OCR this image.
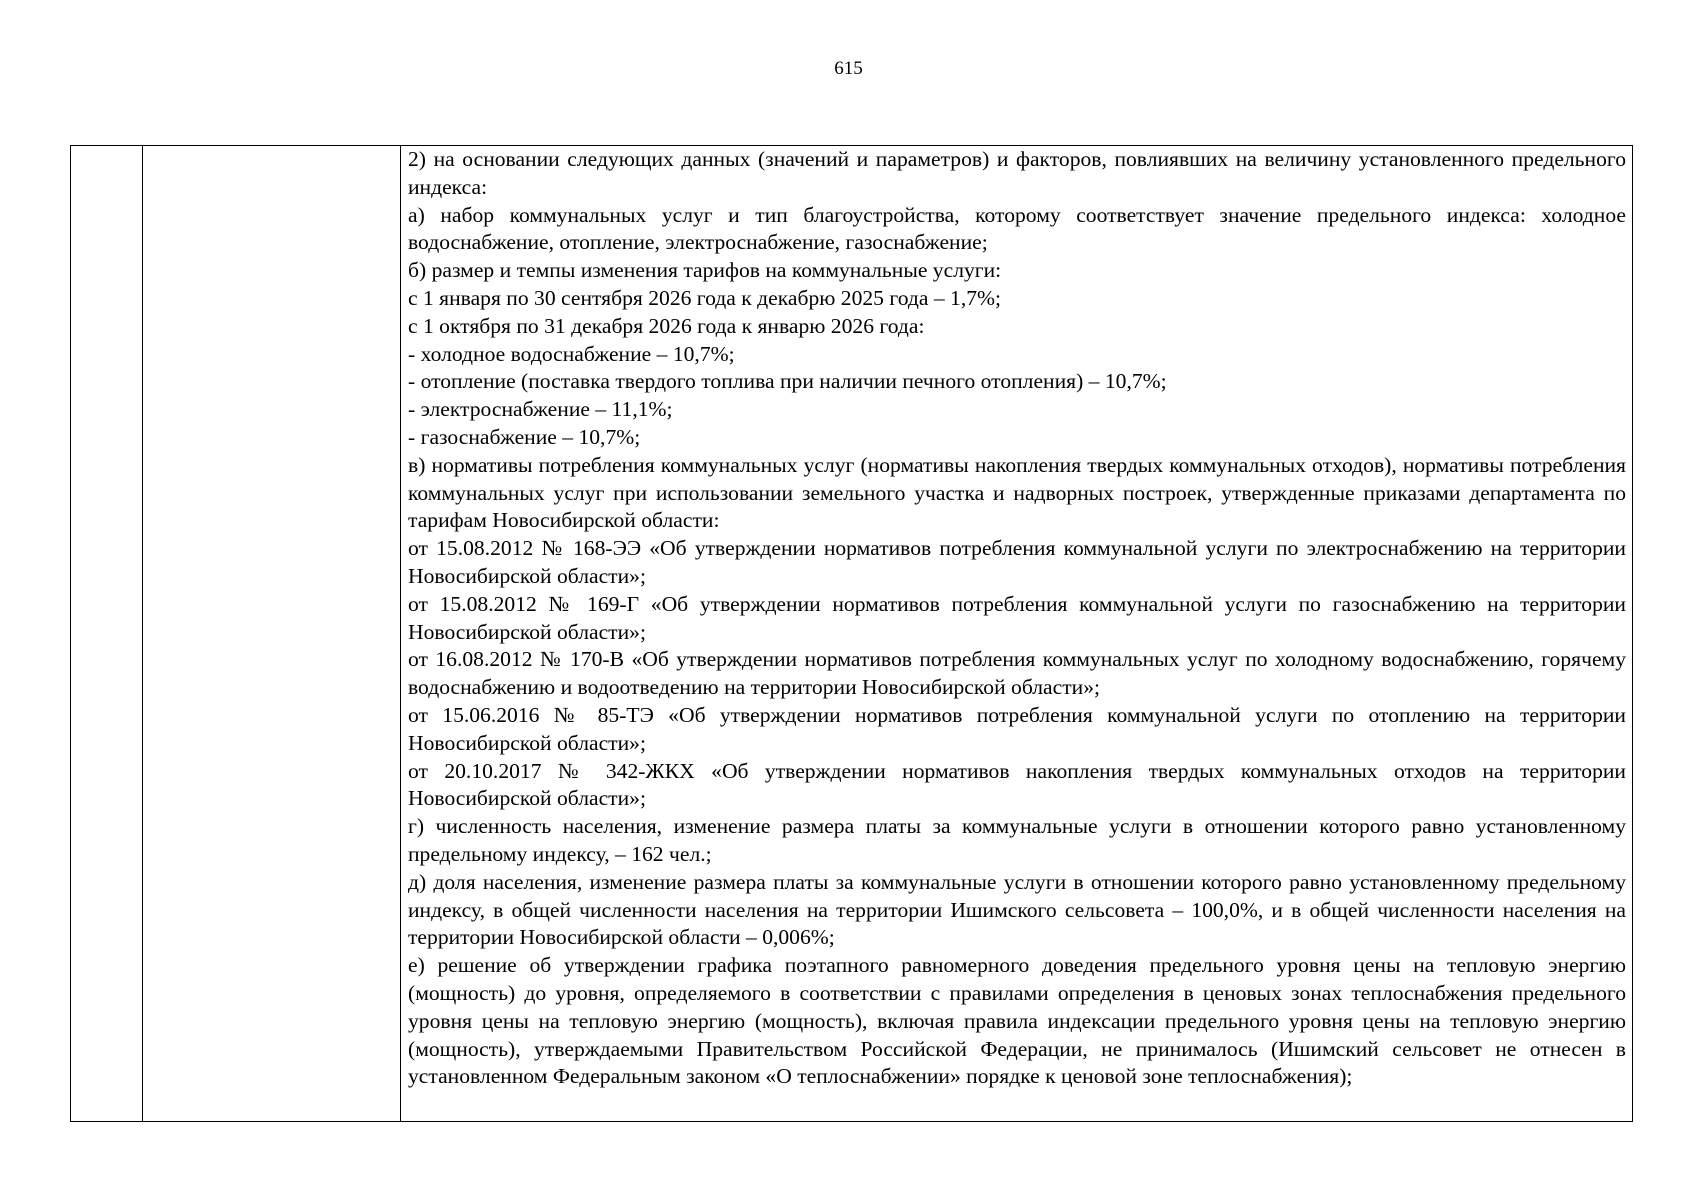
615

2) на основании следующих данных (значений и параметров) и факторов, повлиявших на величину установленного предельного индекса:

а) набор коммунальных услуг и тип благоустройства, которому соответствует значение предельного индекса: холодное водоснабжение, отопление, электроснабжение, газоснабжение;

б) размер и темпы изменения тарифов на коммунальные услуги:

с 1 января по 30 сентября 2026 года к декабрю 2025 года – 1,7%;

с 1 октября по 31 декабря 2026 года к январю 2026 года:

- холодное водоснабжение – 10,7%;

- отопление (поставка твердого топлива при наличии печного отопления) – 10,7%;

- электроснабжение – 11,1%;

- газоснабжение – 10,7%;

в) нормативы потребления коммунальных услуг (нормативы накопления твердых коммунальных отходов), нормативы потребления коммунальных услуг при использовании земельного участка и надворных построек, утвержденные приказами департамента по тарифам Новосибирской области:

от 15.08.2012 № 168-ЭЭ «Об утверждении нормативов потребления коммунальной услуги по электроснабжению на территории Новосибирской области»;

от 15.08.2012 № 169-Г «Об утверждении нормативов потребления коммунальной услуги по газоснабжению на территории Новосибирской области»;

от 16.08.2012 № 170-В «Об утверждении нормативов потребления коммунальных услуг по холодному водоснабжению, горячему водоснабжению и водоотведению на территории Новосибирской области»;

от 15.06.2016 № 85-ТЭ «Об утверждении нормативов потребления коммунальной услуги по отоплению на территории Новосибирской области»;

от 20.10.2017 № 342-ЖКХ «Об утверждении нормативов накопления твердых коммунальных отходов на территории Новосибирской области»;

г) численность населения, изменение размера платы за коммунальные услуги в отношении которого равно установленному предельному индексу, – 162 чел.;

д) доля населения, изменение размера платы за коммунальные услуги в отношении которого равно установленному предельному индексу, в общей численности населения на территории Ишимского сельсовета – 100,0%, и в общей численности населения на территории Новосибирской области – 0,006%;

е) решение об утверждении графика поэтапного равномерного доведения предельного уровня цены на тепловую энергию (мощность) до уровня, определяемого в соответствии с правилами определения в ценовых зонах теплоснабжения предельного уровня цены на тепловую энергию (мощность), включая правила индексации предельного уровня цены на тепловую энергию (мощность), утверждаемыми Правительством Российской Федерации, не принималось (Ишимский сельсовет не отнесен в установленном Федеральным законом «О теплоснабжении» порядке к ценовой зоне теплоснабжения);
